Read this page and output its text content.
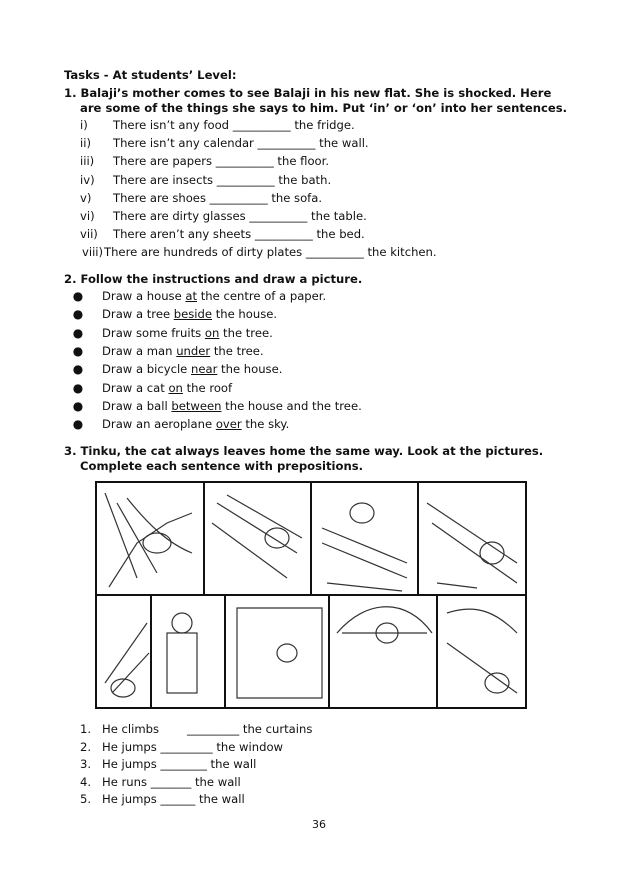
Tasks - At students’ Level:
1. Balaji’s mother comes to see Balaji in his new flat. She is shocked. Here
are some of the things she says to him. Put ‘in’ or ‘on’ into her sentences.
i) There isn’t any food __________ the fridge.
ii) There isn’t any calendar __________ the wall.
iii) There are papers __________ the floor.
iv) There are insects __________ the bath.
v) There are shoes __________ the sofa.
vi) There are dirty glasses __________ the table.
vii) There aren’t any sheets __________ the bed.
viii)There are hundreds of dirty plates __________ the kitchen.
2. Follow the instructions and draw a picture.
● Draw a house at the centre of a paper.
● Draw a tree beside the house.
● Draw some fruits on the tree.
● Draw a man under the tree.
● Draw a bicycle near the house.
● Draw a cat on the roof
● Draw a ball between the house and the tree.
● Draw an aeroplane over the sky.
3. Tinku, the cat always leaves home the same way. Look at the pictures.
Complete each sentence with prepositions.
1. He climbs _________ the curtains
2. He jumps _________ the window
3. He jumps ________ the wall
4. He runs _______ the wall
5. He jumps ______ the wall
36
